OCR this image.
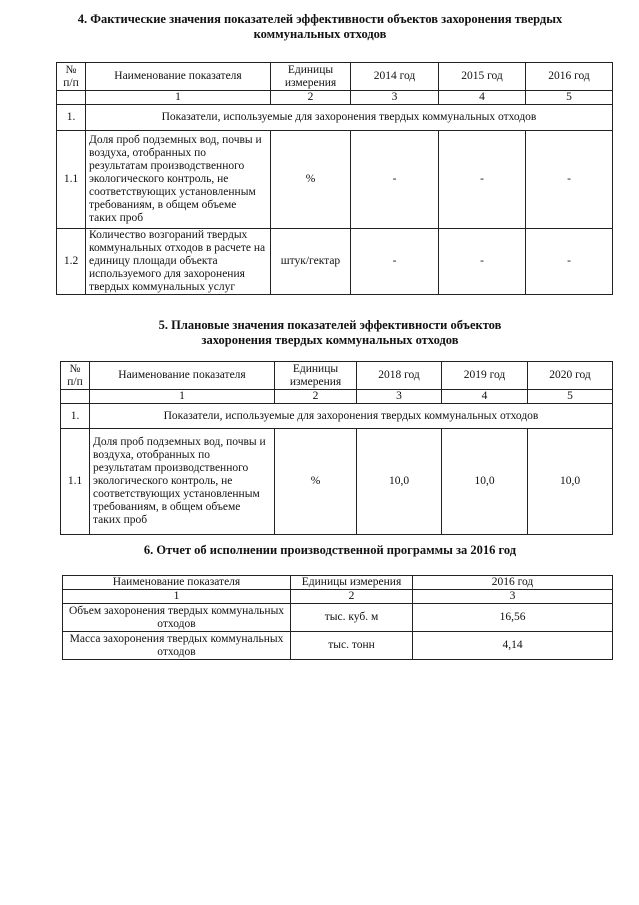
4. Фактические значения показателей эффективности объектов захоронения твердых
коммунальных отходов
№ п/п	Наименование показателя	Единицы измерения	2014 год	2015 год	2016 год
	1	2	3	4	5
1.	Показатели, используемые для захоронения твердых коммунальных отходов				
1.1	Доля проб подземных вод, почвы и воздуха, отобранных по результатам производственного экологического контроль, не соответствующих установленным требованиям, в общем объеме таких проб	%	-	-	-
1.2	Количество возгораний твердых коммунальных отходов в расчете на единицу площади объекта используемого для захоронения твердых коммунальных услуг	штук/гектар	-	-	-
5. Плановые значения показателей эффективности объектов
захоронения твердых коммунальных отходов
№ п/п	Наименование показателя	Единицы измерения	2018 год	2019 год	2020 год
	1	2	3	4	5
1.	Показатели, используемые для захоронения твердых коммунальных отходов				
1.1	Доля проб подземных вод, почвы и воздуха, отобранных по результатам производственного экологического контроль, не соответствующих установленным требованиям, в общем объеме таких проб	%	10,0	10,0	10,0
6. Отчет об исполнении производственной программы за 2016 год
Наименование показателя	Единицы измерения	2016 год
1	2	3
Объем захоронения твердых коммунальных отходов	тыс. куб. м	16,56
Масса захоронения твердых коммунальных отходов	тыс. тонн	4,14
